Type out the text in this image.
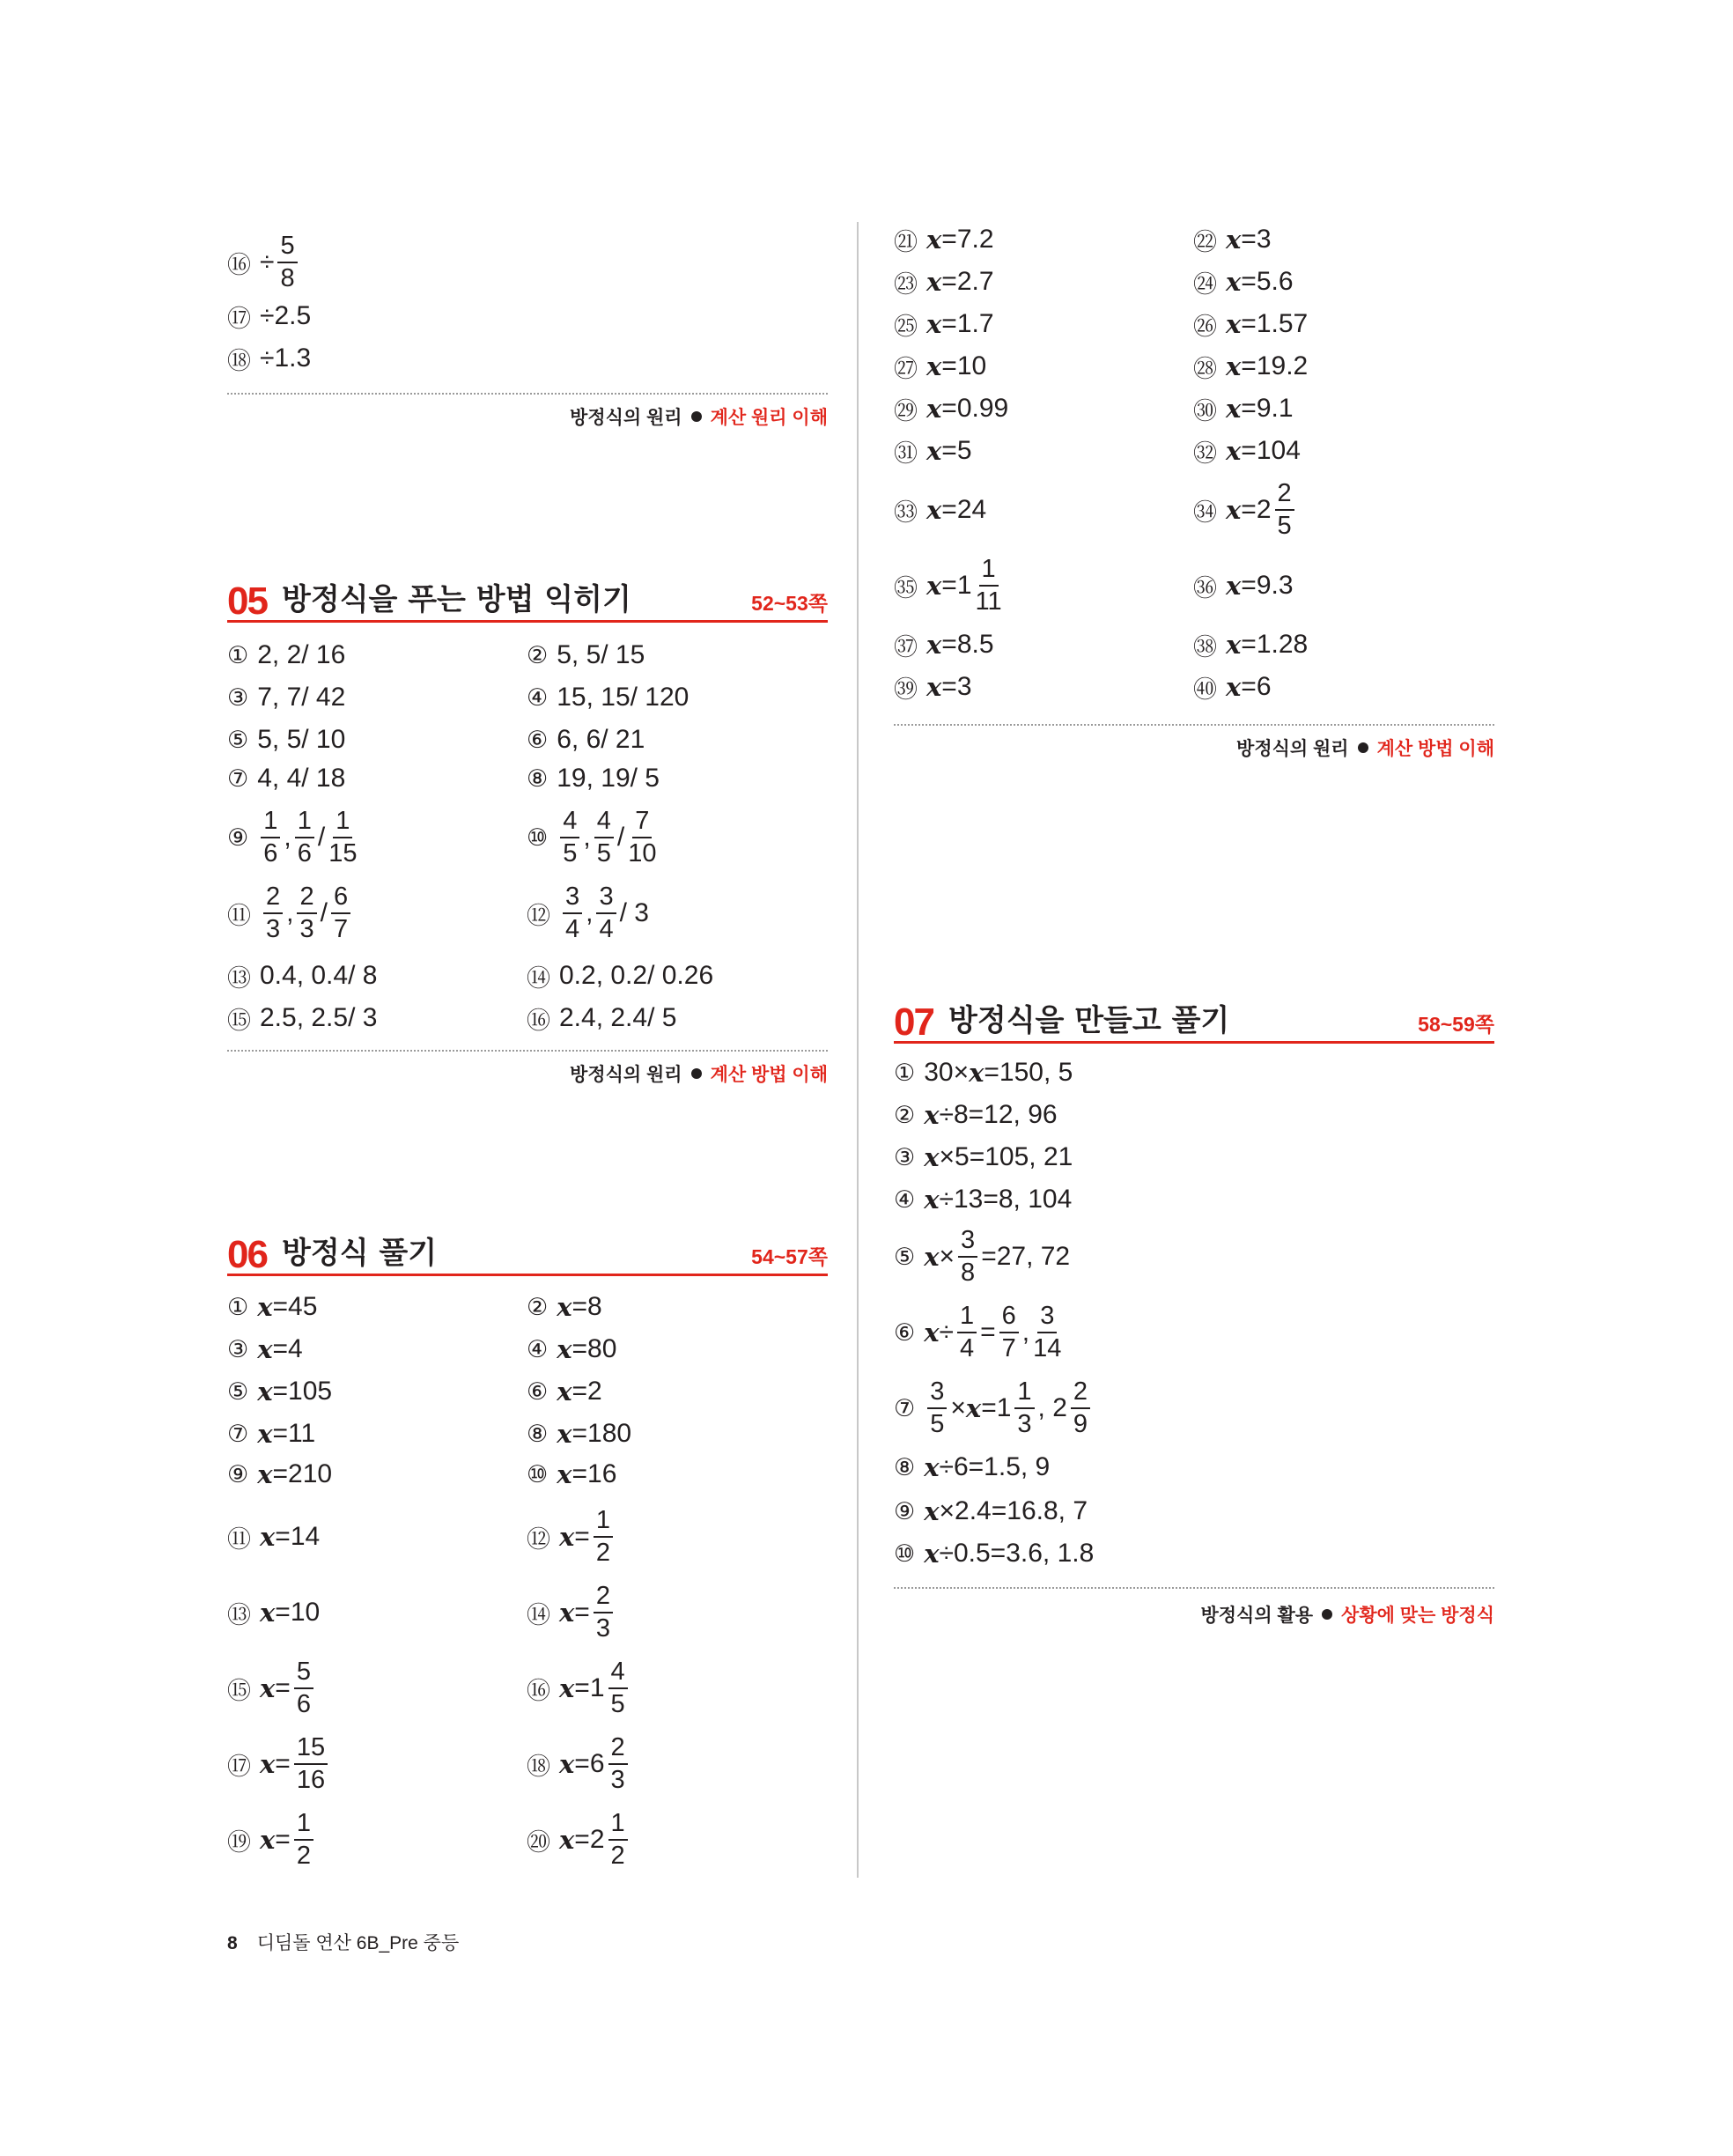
⑯ ÷ $\frac{5}{8}$
⑰ ÷2.5
⑱ ÷1.3
방정식의 원리 계산 원리 이해
05 방정식을 푸는 방법 익히기	52~53쪽
① 2, 2/ 16	② 5, 5/ 15
③ 7, 7/ 42	④ 15, 15/ 120
⑤ 5, 5/ 10	⑥ 6, 6/ 21
⑦ 4, 4/ 18	⑧ 19, 19/ 5
⑨ $\frac{1}{6}$ , $\frac{1}{6} / \frac{1}{15}$	⑩ $\frac{4}{5}$ , $\frac{4}{5} / \frac{7}{10}$
⑪ $\frac{2}{3}$ , $\frac{2}{3} / \frac{6}{7}$	⑫ $\frac{3}{4}$ , $\frac{3}{4} / 3$
⑬ 0.4, 0.4/ 8	⑭ 0.2, 0.2/ 0.26
⑮ 2.5, 2.5/ 3	⑯ 2.4, 2.4/ 5
방정식의 원리 계산 방법 이해
06 방정식 풀기	54~57쪽
① x = 45	② x = 8
③ x = 4	④ x = 80
⑤ x = 105	⑥ x = 2
⑦ x = 11	⑧ x = 180
⑨ x = 210	⑩ x = 16
⑪ x = 14	⑫ $x = \frac{1}{2}$
⑬ x = 10	⑭ $x = \frac{2}{3}$
⑮ $x = \frac{5}{6}$	⑯ $x = 1 \frac{4}{5}$
⑰ $x = \frac{15}{16}$	⑱ $x = 6 \frac{2}{3}$
⑲ $x = \frac{1}{2}$	⑳ $x = 2 \frac{1}{2}$
㉑ x = 7.2	㉒ x = 3
㉓ x = 2.7	㉔ x = 5.6
㉕ x = 1.7	㉖ x = 1.57
㉗ x = 10	㉘ x = 19.2
㉙ x = 0.99	㉚ x = 9.1
㉛ x = 5	㉜ x = 104
㉝ x = 24	㉞ $x = 2 \frac{2}{5}$
㉟ $x = 1 \frac{1}{11}$	㊱ x = 9.3
㊲ x = 8.5	㊳ x = 1.28
㊴ x = 3	㊵ x = 6
방정식의 원리 계산 방법 이해
07 방정식을 만들고 풀기	58~59쪽
① 30× x =150, 5
② x ÷8=12, 96
③ x ×5=105, 21
④ x ÷13=8, 104
⑤ $x \times \frac{3}{8} =27$, 72
⑥ $x \div \frac{1}{4} = \frac{6}{7}$ , $\frac{3}{14}$
⑦ $\frac{3}{5} \times x =1 \frac{1}{3}$ , $2 \frac{2}{9}$
⑧ x ÷6=1.5, 9
⑨ x ×2.4=16.8, 7
⑩ x ÷0.5=3.6, 1.8
방정식의 활용 상황에 맞는 방정식
8 디딤돌 연산 6B_Pre 중등
